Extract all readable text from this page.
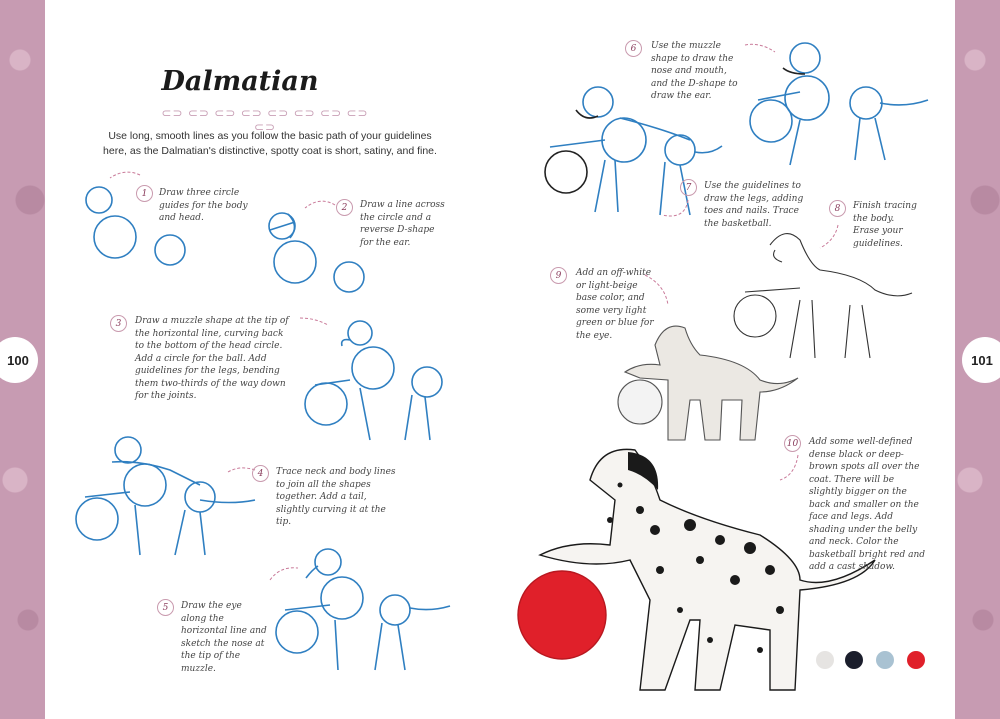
100	101
Dalmatian
⊂⊃ ⊂⊃ ⊂⊃ ⊂⊃ ⊂⊃ ⊂⊃ ⊂⊃ ⊂⊃ ⊂⊃
Use long, smooth lines as you follow the basic path of your guidelines here, as the Dalmatian's distinctive, spotty coat is short, satiny, and fine.
1	Draw three circle guides for the body and head.
2	Draw a line across the circle and a reverse D-shape for the ear.
3	Draw a muzzle shape at the tip of the horizontal line, curving back to the bottom of the head circle. Add a circle for the ball. Add guidelines for the legs, bending them two-thirds of the way down for the joints.
4	Trace neck and body lines to join all the shapes together. Add a tail, slightly curving it at the tip.
5	Draw the eye along the horizontal line and sketch the nose at the tip of the muzzle.
6	Use the muzzle shape to draw the nose and mouth, and the D-shape to draw the ear.
7	Use the guidelines to draw the legs, adding toes and nails. Trace the basketball.
8	Finish tracing the body. Erase your guidelines.
9	Add an off-white or light-beige base color, and some very light green or blue for the eye.
10	Add some well-defined dense black or deep-brown spots all over the coat. There will be slightly bigger on the back and smaller on the face and legs. Add shading under the belly and neck. Color the basketball bright red and add a cast shadow.
